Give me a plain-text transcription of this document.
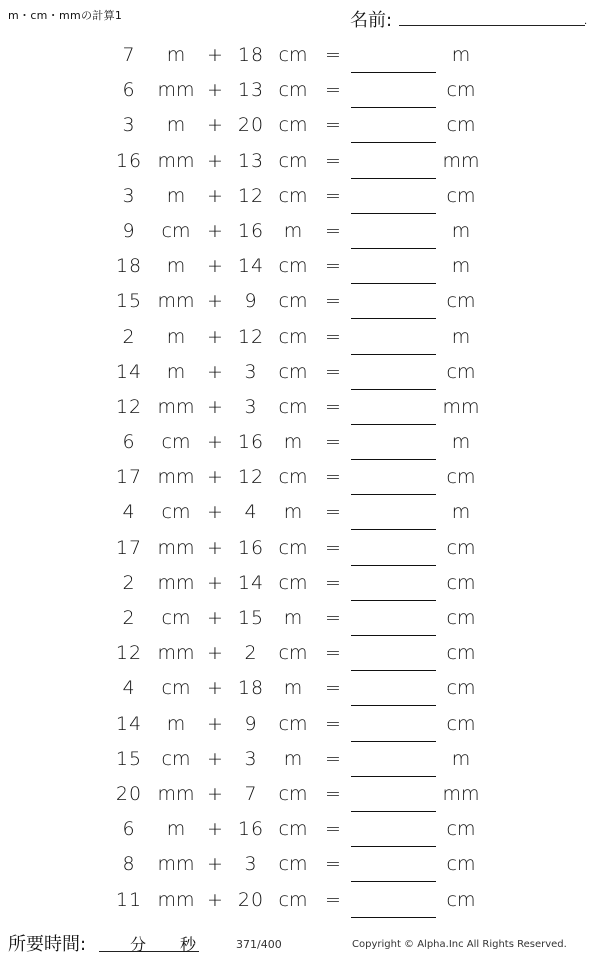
m・cm・mmの計算1	名前:	.
7	m	+ 18 cm =	m
6	mm + 13 cm =	cm
3	m	+ 20 cm =	cm
16 mm + 13 cm =	mm
3	m	+ 12 cm =	cm
9	cm + 16	m	=	m
18	m	+ 14 cm =	m
15 mm +	9	cm =	cm
2	m	+ 12 cm =	m
14	m	+	3	cm =	cm
12 mm +	3	cm =	mm
6	cm + 16	m	=	m
17 mm + 12 cm =	cm
4	cm +	4	m	=	m
17 mm + 16 cm =	cm
2	mm + 14 cm =	cm
2	cm + 15	m	=	cm
12 mm +	2	cm =	cm
4	cm + 18	m	=	cm
14	m	+	9	cm =	cm
15	cm +	3	m	=	m
20 mm +	7	cm =	mm
6	m	+ 16 cm =	cm
8	mm +	3	cm =	cm
11 mm + 20 cm =	cm
所要時間:	分 秒	371/400	Copyright © Alpha.Inc All Rights Reserved.
